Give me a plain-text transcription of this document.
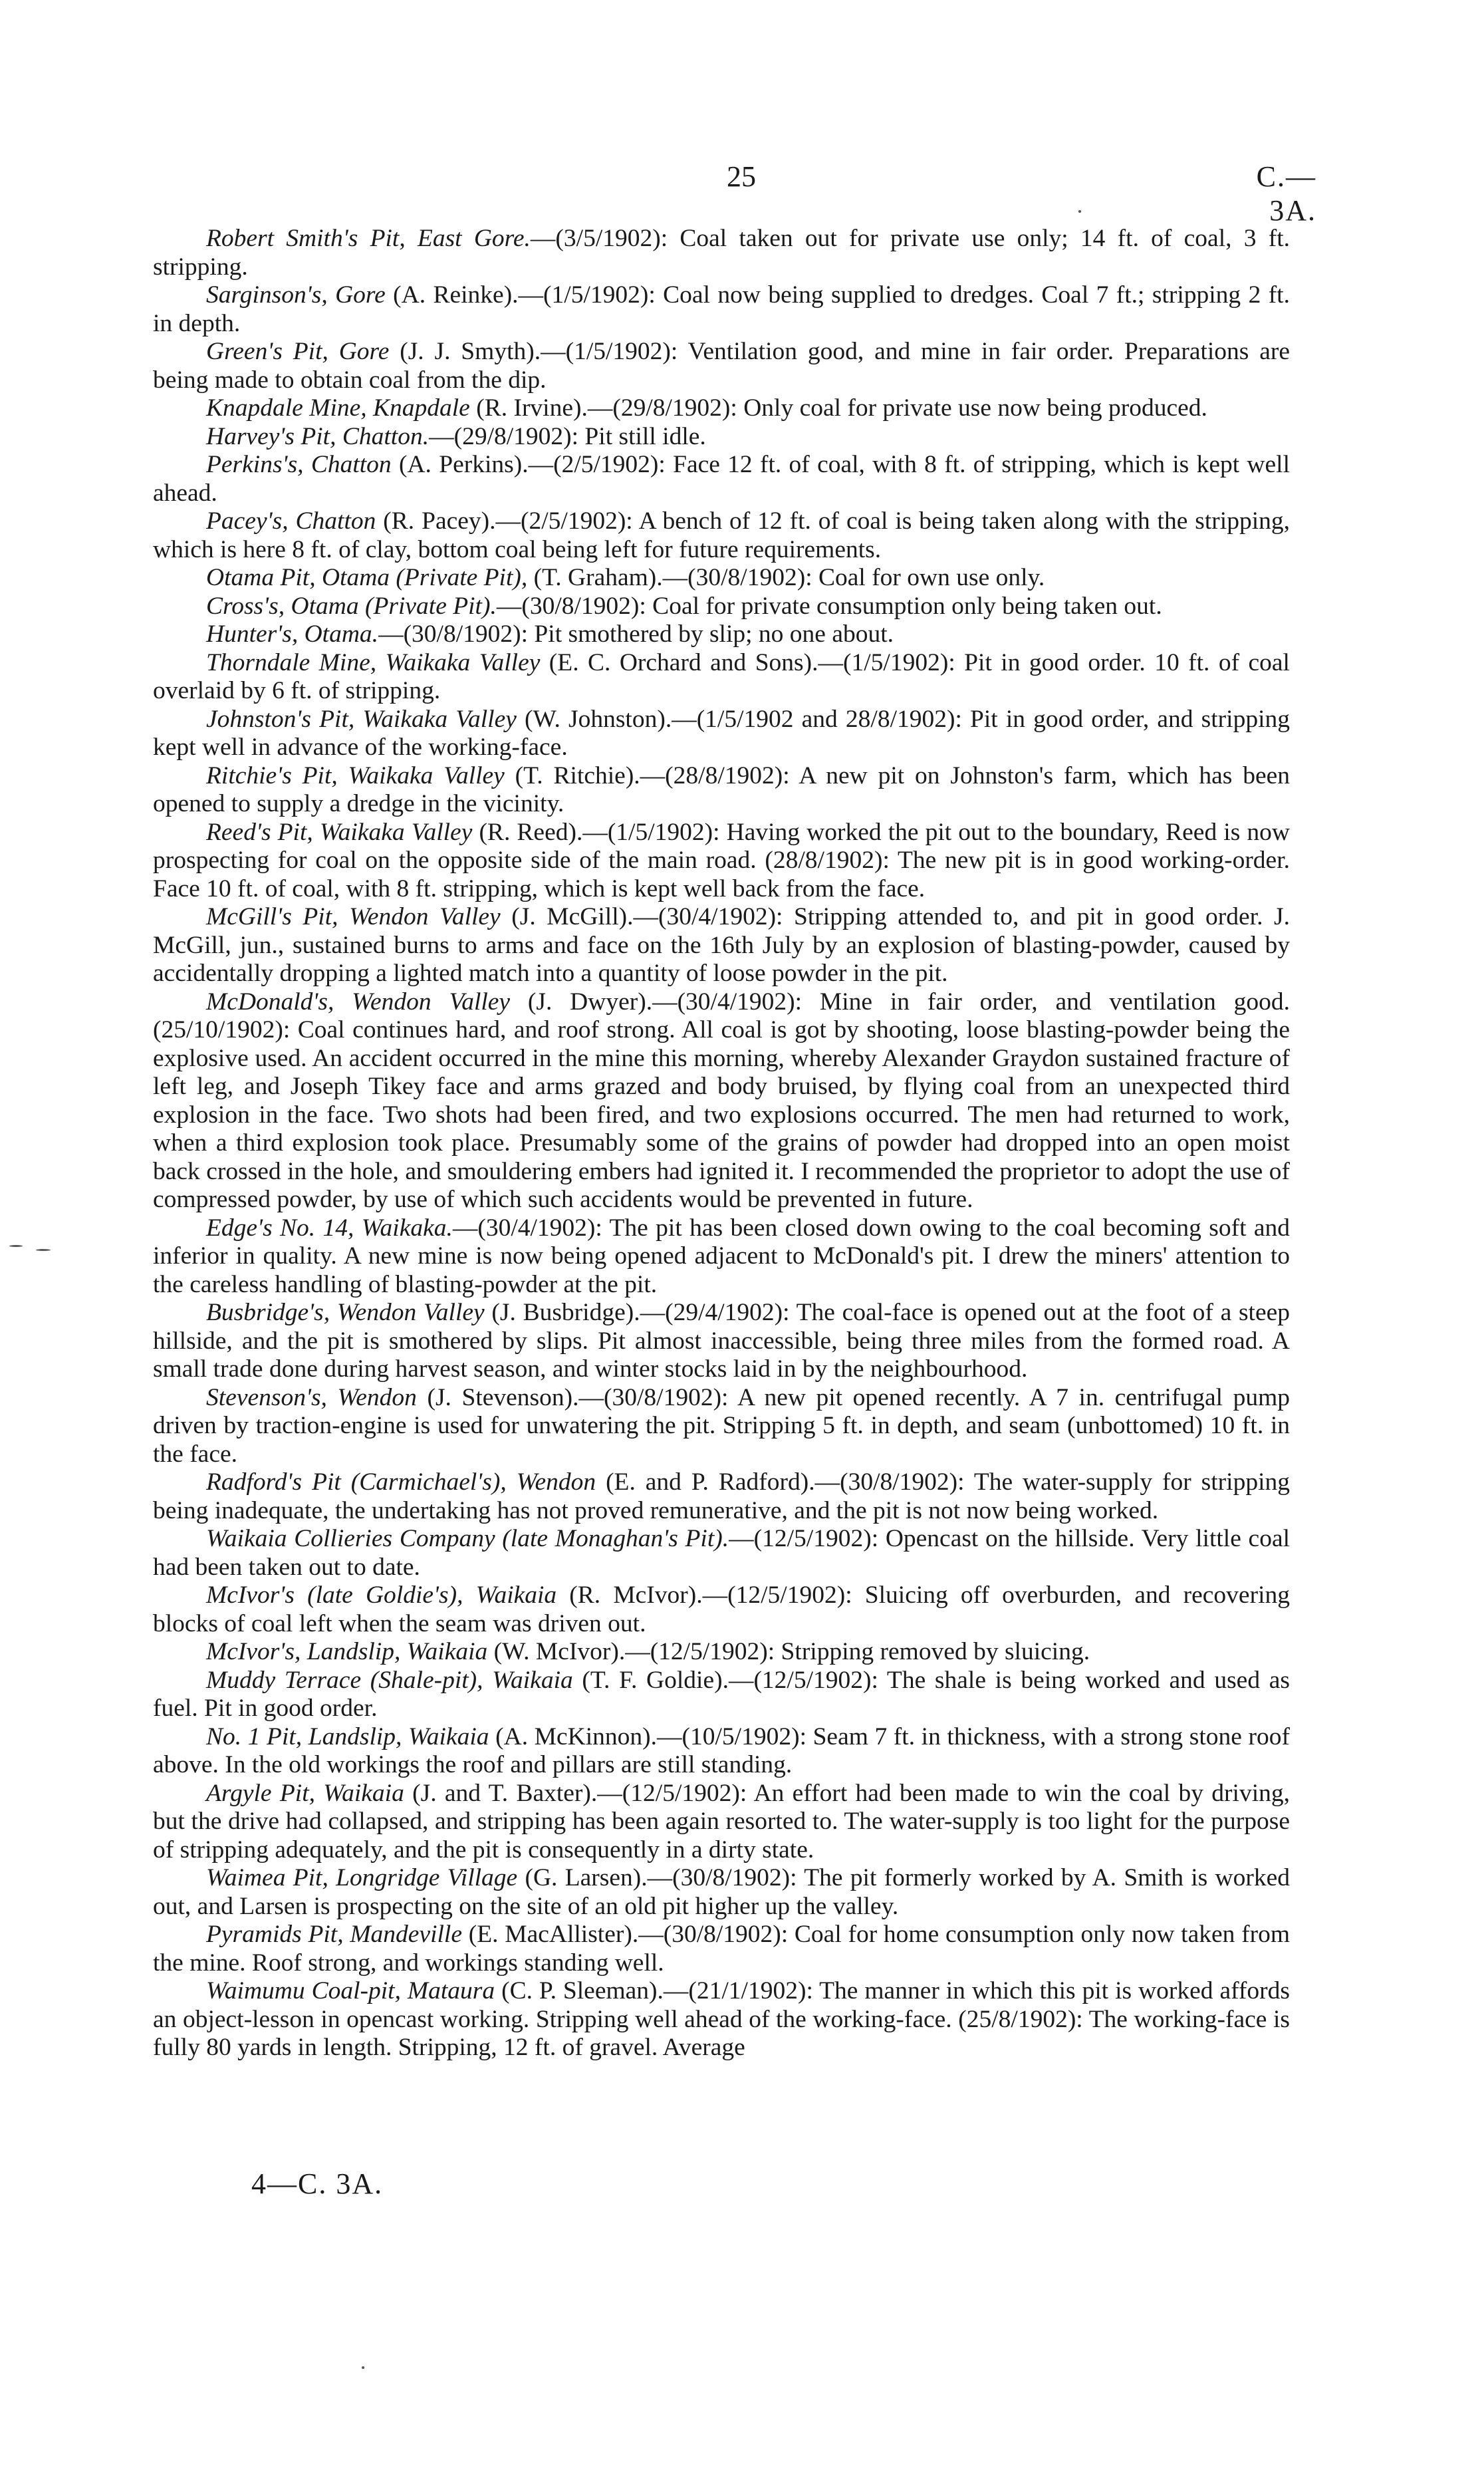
25	C.—3A.

Robert Smith's Pit, East Gore.—(3/5/1902): Coal taken out for private use only; 14 ft. of coal, 3 ft. stripping.

Sarginson's, Gore (A. Reinke).—(1/5/1902): Coal now being supplied to dredges. Coal 7 ft.; stripping 2 ft. in depth.

Green's Pit, Gore (J. J. Smyth).—(1/5/1902): Ventilation good, and mine in fair order. Preparations are being made to obtain coal from the dip.

Knapdale Mine, Knapdale (R. Irvine).—(29/8/1902): Only coal for private use now being produced.

Harvey's Pit, Chatton.—(29/8/1902): Pit still idle.

Perkins's, Chatton (A. Perkins).—(2/5/1902): Face 12 ft. of coal, with 8 ft. of stripping, which is kept well ahead.

Pacey's, Chatton (R. Pacey).—(2/5/1902): A bench of 12 ft. of coal is being taken along with the stripping, which is here 8 ft. of clay, bottom coal being left for future requirements.

Otama Pit, Otama (Private Pit), (T. Graham).—(30/8/1902): Coal for own use only.

Cross's, Otama (Private Pit).—(30/8/1902): Coal for private consumption only being taken out.

Hunter's, Otama.—(30/8/1902): Pit smothered by slip; no one about.

Thorndale Mine, Waikaka Valley (E. C. Orchard and Sons).—(1/5/1902): Pit in good order. 10 ft. of coal overlaid by 6 ft. of stripping.

Johnston's Pit, Waikaka Valley (W. Johnston).—(1/5/1902 and 28/8/1902): Pit in good order, and stripping kept well in advance of the working-face.

Ritchie's Pit, Waikaka Valley (T. Ritchie).—(28/8/1902): A new pit on Johnston's farm, which has been opened to supply a dredge in the vicinity.

Reed's Pit, Waikaka Valley (R. Reed).—(1/5/1902): Having worked the pit out to the boundary, Reed is now prospecting for coal on the opposite side of the main road. (28/8/1902): The new pit is in good working-order. Face 10 ft. of coal, with 8 ft. stripping, which is kept well back from the face.

McGill's Pit, Wendon Valley (J. McGill).—(30/4/1902): Stripping attended to, and pit in good order. J. McGill, jun., sustained burns to arms and face on the 16th July by an explosion of blasting-powder, caused by accidentally dropping a lighted match into a quantity of loose powder in the pit.

McDonald's, Wendon Valley (J. Dwyer).—(30/4/1902): Mine in fair order, and ventilation good. (25/10/1902): Coal continues hard, and roof strong. All coal is got by shooting, loose blasting-powder being the explosive used. An accident occurred in the mine this morning, whereby Alexander Graydon sustained fracture of left leg, and Joseph Tikey face and arms grazed and body bruised, by flying coal from an unexpected third explosion in the face. Two shots had been fired, and two explosions occurred. The men had returned to work, when a third explosion took place. Presumably some of the grains of powder had dropped into an open moist back crossed in the hole, and smouldering embers had ignited it. I recommended the proprietor to adopt the use of compressed powder, by use of which such accidents would be prevented in future.

Edge's No. 14, Waikaka.—(30/4/1902): The pit has been closed down owing to the coal becoming soft and inferior in quality. A new mine is now being opened adjacent to McDonald's pit. I drew the miners' attention to the careless handling of blasting-powder at the pit.

Busbridge's, Wendon Valley (J. Busbridge).—(29/4/1902): The coal-face is opened out at the foot of a steep hillside, and the pit is smothered by slips. Pit almost inaccessible, being three miles from the formed road. A small trade done during harvest season, and winter stocks laid in by the neighbourhood.

Stevenson's, Wendon (J. Stevenson).—(30/8/1902): A new pit opened recently. A 7 in. centrifugal pump driven by traction-engine is used for unwatering the pit. Stripping 5 ft. in depth, and seam (unbottomed) 10 ft. in the face.

Radford's Pit (Carmichael's), Wendon (E. and P. Radford).—(30/8/1902): The water-supply for stripping being inadequate, the undertaking has not proved remunerative, and the pit is not now being worked.

Waikaia Collieries Company (late Monaghan's Pit).—(12/5/1902): Opencast on the hillside. Very little coal had been taken out to date.

McIvor's (late Goldie's), Waikaia (R. McIvor).—(12/5/1902): Sluicing off overburden, and recovering blocks of coal left when the seam was driven out.

McIvor's, Landslip, Waikaia (W. McIvor).—(12/5/1902): Stripping removed by sluicing.

Muddy Terrace (Shale-pit), Waikaia (T. F. Goldie).—(12/5/1902): The shale is being worked and used as fuel. Pit in good order.

No. 1 Pit, Landslip, Waikaia (A. McKinnon).—(10/5/1902): Seam 7 ft. in thickness, with a strong stone roof above. In the old workings the roof and pillars are still standing.

Argyle Pit, Waikaia (J. and T. Baxter).—(12/5/1902): An effort had been made to win the coal by driving, but the drive had collapsed, and stripping has been again resorted to. The water-supply is too light for the purpose of stripping adequately, and the pit is consequently in a dirty state.

Waimea Pit, Longridge Village (G. Larsen).—(30/8/1902): The pit formerly worked by A. Smith is worked out, and Larsen is prospecting on the site of an old pit higher up the valley.

Pyramids Pit, Mandeville (E. MacAllister).—(30/8/1902): Coal for home consumption only now taken from the mine. Roof strong, and workings standing well.

Waimumu Coal-pit, Mataura (C. P. Sleeman).—(21/1/1902): The manner in which this pit is worked affords an object-lesson in opencast working. Stripping well ahead of the working-face. (25/8/1902): The working-face is fully 80 yards in length. Stripping, 12 ft. of gravel. Average

4—C. 3A.
